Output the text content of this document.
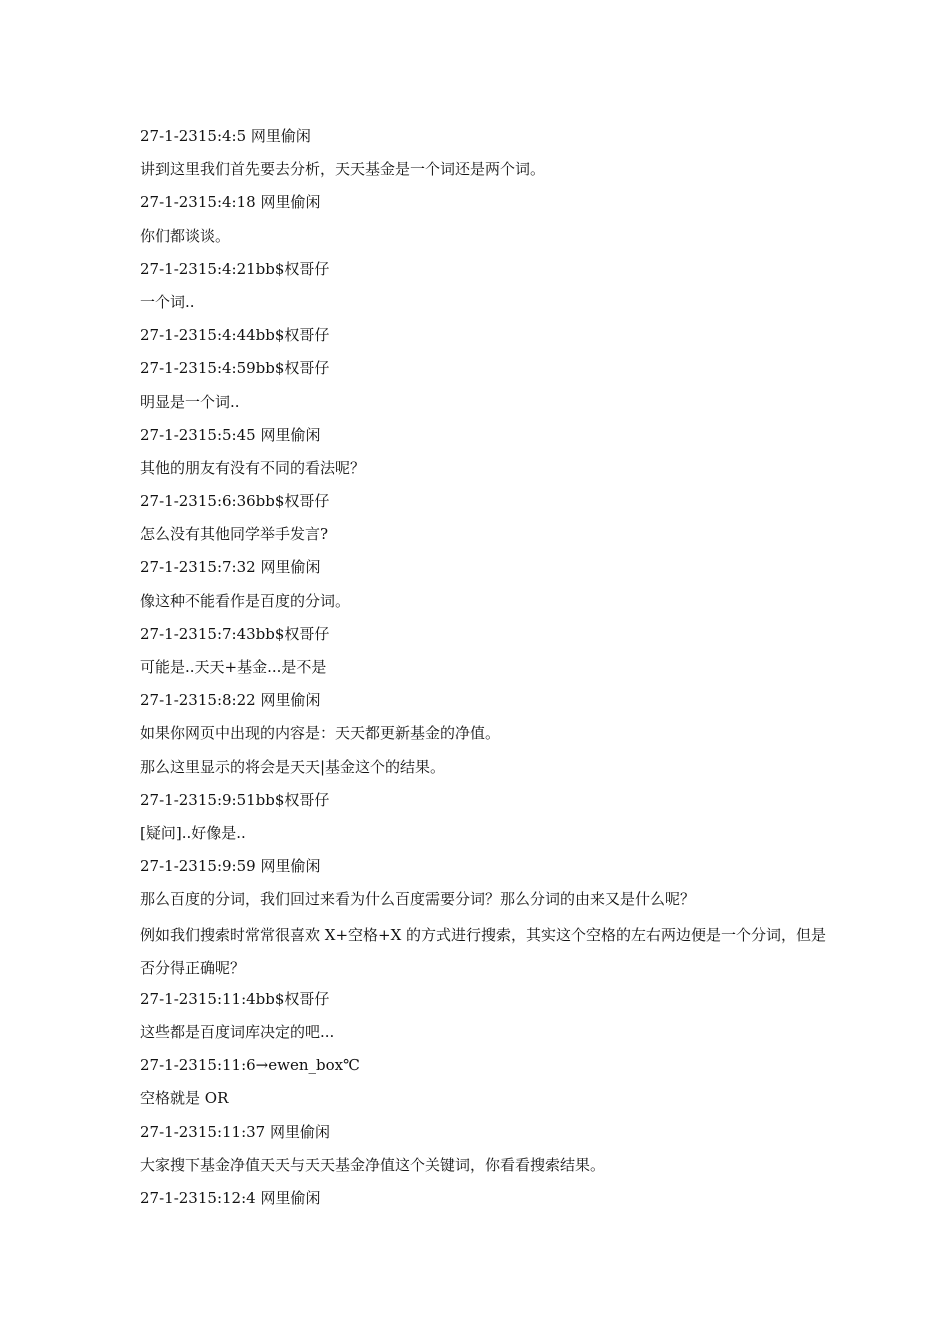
27-1-2315:4:5 网里偷闲
讲到这里我们首先要去分析，天天基金是一个词还是两个词。
27-1-2315:4:18 网里偷闲
你们都谈谈。
27-1-2315:4:21bb$权哥仔
一个词..
27-1-2315:4:44bb$权哥仔
27-1-2315:4:59bb$权哥仔
明显是一个词..
27-1-2315:5:45 网里偷闲
其他的朋友有没有不同的看法呢？
27-1-2315:6:36bb$权哥仔
怎么没有其他同学举手发言?
27-1-2315:7:32 网里偷闲
像这种不能看作是百度的分词。
27-1-2315:7:43bb$权哥仔
可能是..天天+基金...是不是
27-1-2315:8:22 网里偷闲
如果你网页中出现的内容是：天天都更新基金的净值。
那么这里显示的将会是天天|基金这个的结果。
27-1-2315:9:51bb$权哥仔
[疑问]..好像是..
27-1-2315:9:59 网里偷闲
那么百度的分词，我们回过来看为什么百度需要分词？那么分词的由来又是什么呢？
例如我们搜索时常常很喜欢 X+空格+X 的方式进行搜索，其实这个空格的左右两边便是一个分词，但是否分得正确呢？
27-1-2315:11:4bb$权哥仔
这些都是百度词库决定的吧...
27-1-2315:11:6→ewen_box℃
空格就是 OR
27-1-2315:11:37 网里偷闲
大家搜下基金净值天天与天天基金净值这个关键词，你看看搜索结果。
27-1-2315:12:4 网里偷闲
